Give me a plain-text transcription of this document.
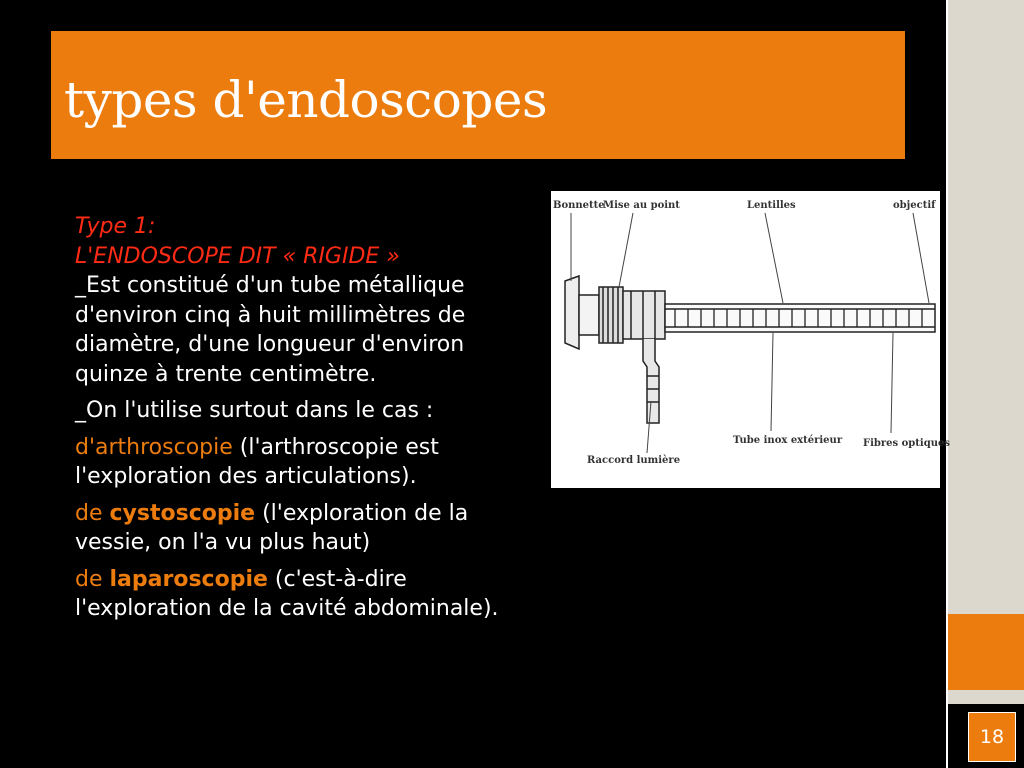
18
types d'endoscopes

Type 1:

L'ENDOSCOPE DIT « RIGIDE »

_Est constitué d'un tube métallique d'environ cinq à huit millimètres de diamètre, d'une longueur d'environ quinze à trente centimètre.

_On l'utilise surtout dans le cas :

d'arthroscopie (l'arthroscopie est l'exploration des articulations).

de cystoscopie (l'exploration de la vessie, on l'a vu plus haut)

de laparoscopie (c'est-à-dire l'exploration de la cavité abdominale).

Bonnette
Mise au point	Lentilles	objectif
Raccord lumière
Tube inox extérieur Fibres optiques
